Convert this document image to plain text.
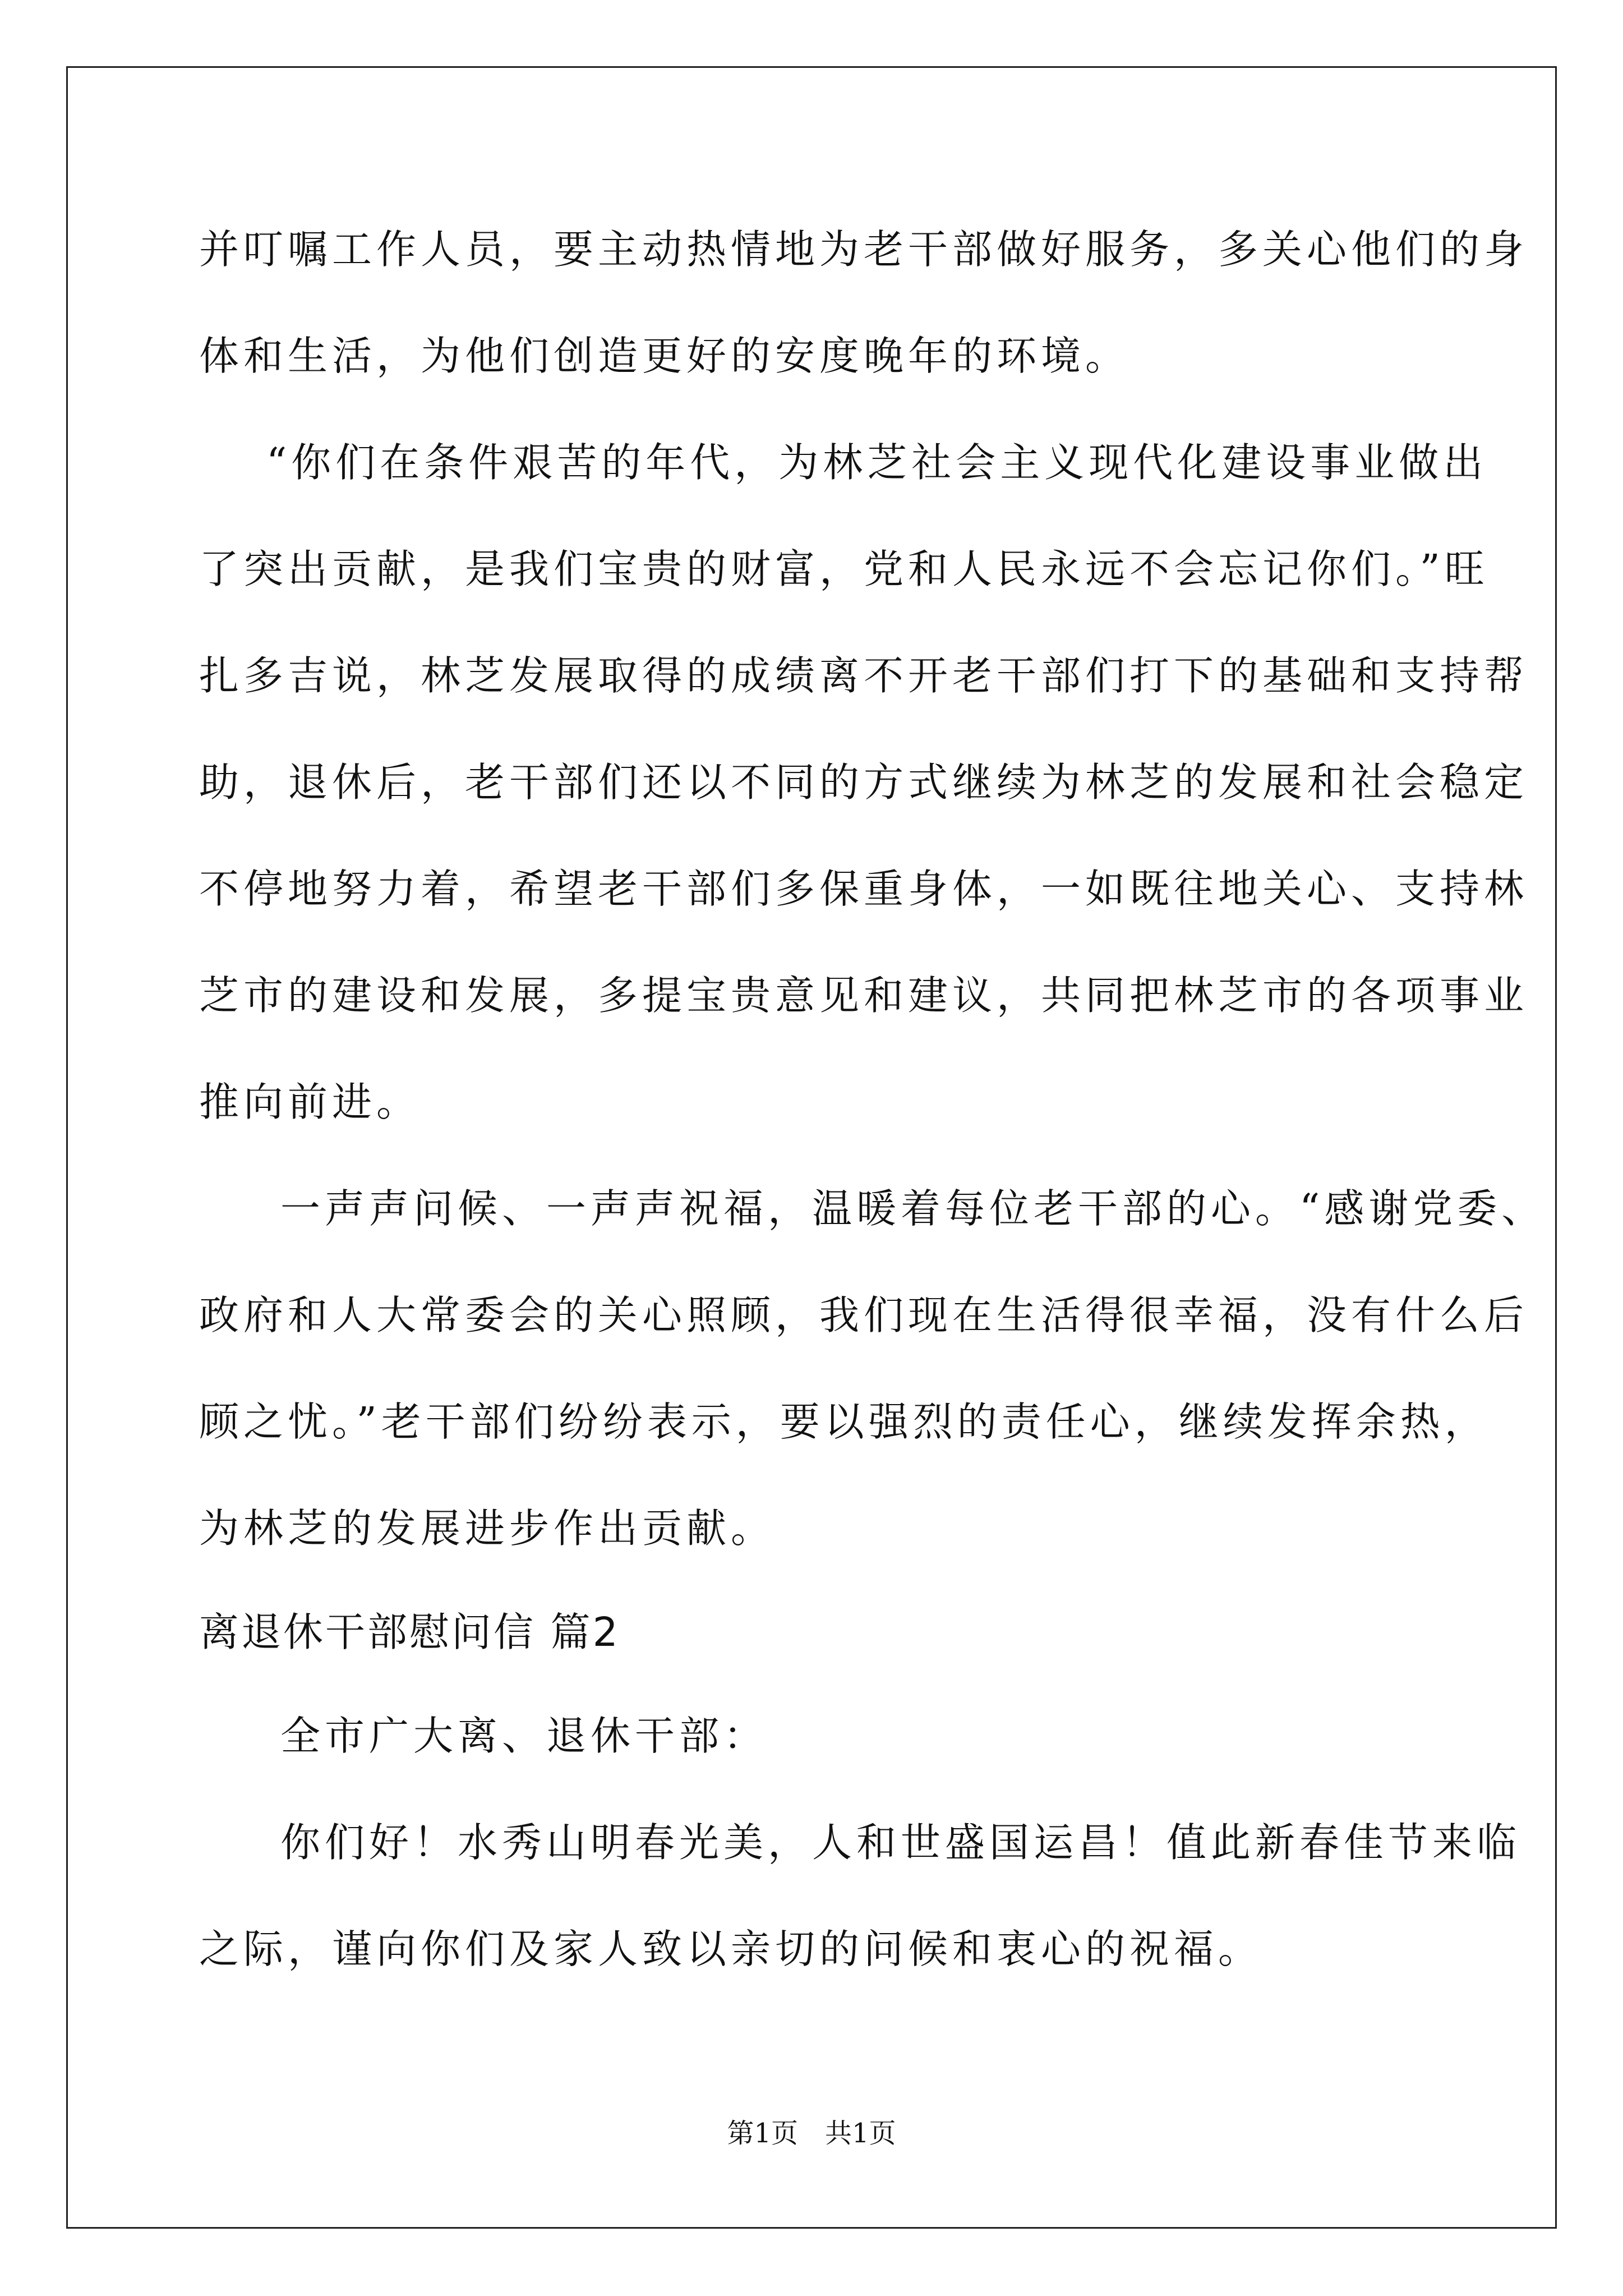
并叮嘱工作人员，要主动热情地为老干部做好服务，多关心他们的身
体和生活，为他们创造更好的安度晚年的环境。
“你们在条件艰苦的年代，为林芝社会主义现代化建设事业做出
了突出贡献，是我们宝贵的财富，党和人民永远不会忘记你们。”旺
扎多吉说，林芝发展取得的成绩离不开老干部们打下的基础和支持帮
助，退休后，老干部们还以不同的方式继续为林芝的发展和社会稳定
不停地努力着，希望老干部们多保重身体，一如既往地关心、支持林
芝市的建设和发展，多提宝贵意见和建议，共同把林芝市的各项事业
推向前进。
一声声问候、一声声祝福，温暖着每位老干部的心。“感谢党委、
政府和人大常委会的关心照顾，我们现在生活得很幸福，没有什么后
顾之忧。”老干部们纷纷表示，要以强烈的责任心，继续发挥余热，
为林芝的发展进步作出贡献。
离退休干部慰问信 篇2
全市广大离、退休干部：
你们好！水秀山明春光美，人和世盛国运昌！值此新春佳节来临
之际，谨向你们及家人致以亲切的问候和衷心的祝福。
第1页　共1页
